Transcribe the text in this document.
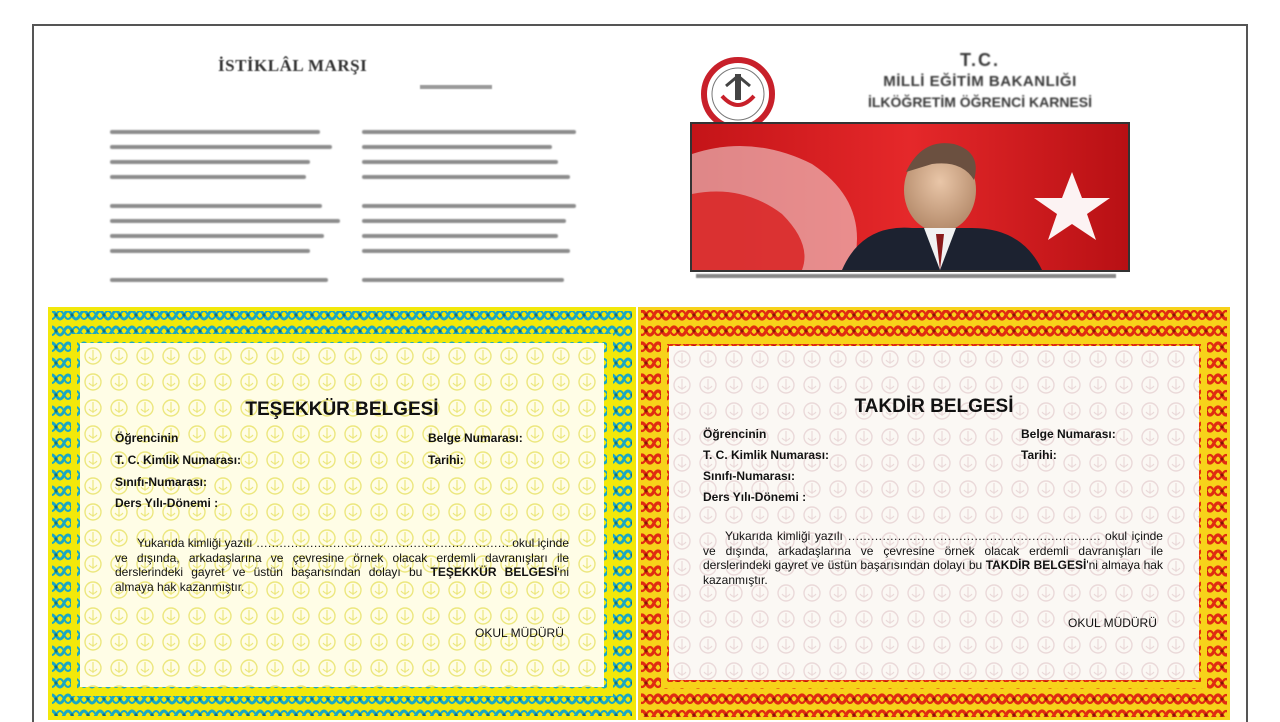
İSTİKLÂL MARŞI	T.C.
MİLLİ EĞİTİM BAKANLIĞI
İLKÖĞRETİM ÖĞRENCİ KARNESİ
TEŞEKKÜR BELGESİ
Öğrencinin
T. C. Kimlik Numarası:
Sınıfı-Numarası:
Ders Yılı-Dönemi :
Belge Numarası:
Tarihi:
Yukarıda kimliği yazılı ………………………………………………………… okul içinde ve dışında, arkadaşlarına ve çevresine örnek olacak erdemli davranışları ile derslerindeki gayret ve üstün başarısından dolayı bu TEŞEKKÜR BELGESİ'ni almaya hak kazanmıştır.
OKUL MÜDÜRÜ
TAKDİR BELGESİ
Öğrencinin
T. C. Kimlik Numarası:
Sınıfı-Numarası:
Ders Yılı-Dönemi :
Belge Numarası:
Tarihi:
Yukarıda kimliği yazılı ………………………………………………………… okul içinde ve dışında, arkadaşlarına ve çevresine örnek olacak erdemli davranışları ile derslerindeki gayret ve üstün başarısından dolayı bu TAKDİR BELGESİ'ni almaya hak kazanmıştır.
OKUL MÜDÜRÜ
